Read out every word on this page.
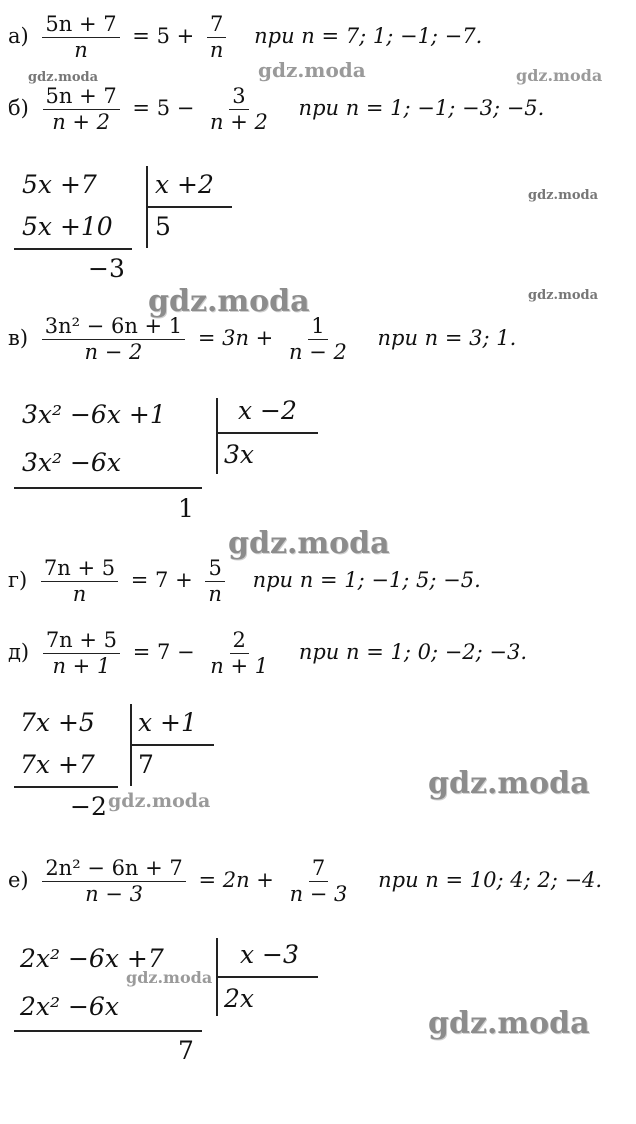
$а) \frac{5n + 7}{n} = 5 + \frac{7}{n}$ при n = 7; 1; −1; −7.
$б) \frac{5n + 7}{n + 2} = 5 - \frac{3}{n + 2}$ при n = 1; −1; −3; −5.
5x +7
5x +10
−3
x +2
5
$в) \frac{\text{3n² − 6n + 1}}{n - 2} = 3n + \frac{1}{n - 2}$ при n = 3; 1.
3x² −6x +1
3x² −6x
1
x −2
3x
$г) \frac{7n + 5}{n} = 7 + \frac{5}{n}$ при n = 1; −1; 5; −5.
$д) \frac{7n + 5}{n + 1} = 7 - \frac{2}{n + 1}$ при n = 1; 0; −2; −3.
7x +5
7x +7
−2
x +1
7
$е) \frac{\text{2n² − 6n + 7}}{n - 3} = 2n + \frac{7}{n - 3}$ при n = 10; 4; 2; −4.
2x² −6x +7
2x² −6x
7
x −3
2x
gdz.moda	gdz.moda	gdz.moda
gdz.moda
gdz.moda	gdz.moda
gdz.moda
gdz.moda
gdz.moda
gdz.moda
gdz.moda
